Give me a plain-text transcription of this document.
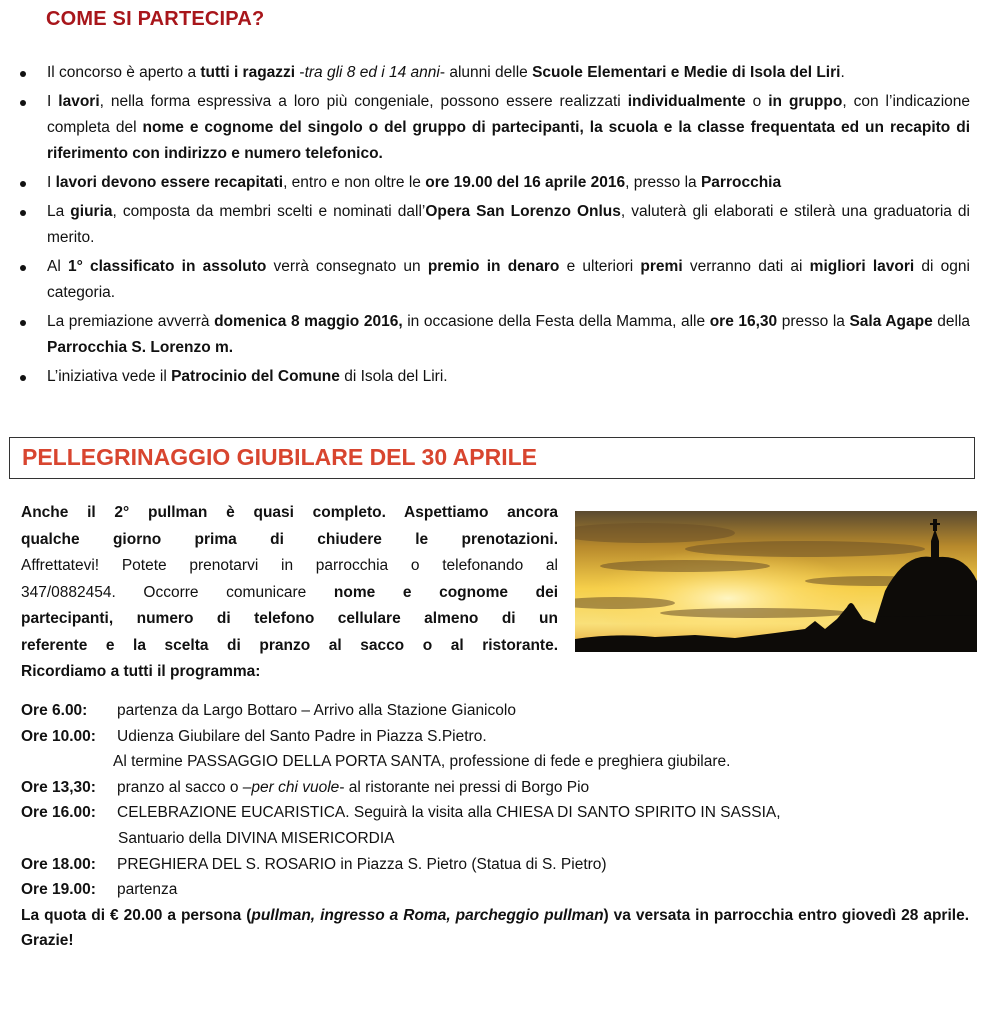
COME SI PARTECIPA?
Il concorso è aperto a tutti i ragazzi -tra gli 8 ed i 14 anni- alunni delle Scuole Elementari e Medie di Isola del Liri.
I lavori, nella forma espressiva a loro più congeniale, possono essere realizzati individualmente o in gruppo, con l’indicazione completa del nome e cognome del singolo o del gruppo di partecipanti, la scuola e la classe frequentata ed un recapito di riferimento con indirizzo e numero telefonico.
I lavori devono essere recapitati, entro e non oltre le ore 19.00 del 16 aprile 2016, presso la Parrocchia
La giuria, composta da membri scelti e nominati dall’Opera San Lorenzo Onlus, valuterà gli elaborati e stilerà una graduatoria di merito.
Al 1° classificato in assoluto verrà consegnato un premio in denaro e ulteriori premi verranno dati ai migliori lavori di ogni categoria.
La premiazione avverrà domenica 8 maggio 2016, in occasione della Festa della Mamma, alle ore 16,30 presso la Sala Agape della Parrocchia S. Lorenzo m.
L’iniziativa vede il Patrocinio del Comune di Isola del Liri.
PELLEGRINAGGIO GIUBILARE DEL 30 APRILE
Anche il 2° pullman è quasi completo. Aspettiamo ancora
qualche giorno prima di chiudere le prenotazioni.
Affrettatevi! Potete prenotarvi in parrocchia o telefonando al
347/0882454. Occorre comunicare nome e cognome dei
partecipanti, numero di telefono cellulare almeno di un
referente e la scelta di pranzo al sacco o al ristorante.
Ricordiamo a tutti il programma:
Ore 6.00:	partenza da Largo Bottaro – Arrivo alla Stazione Gianicolo
Ore 10.00:	Udienza Giubilare del Santo Padre in Piazza S.Pietro.
Al termine PASSAGGIO DELLA PORTA SANTA, professione di fede e preghiera giubilare.
Ore 13,30:	pranzo al sacco o –per chi vuole- al ristorante nei pressi di Borgo Pio
Ore 16.00:	CELEBRAZIONE EUCARISTICA. Seguirà la visita alla CHIESA DI SANTO SPIRITO IN SASSIA,
Santuario della DIVINA MISERICORDIA
Ore 18.00:	PREGHIERA DEL S. ROSARIO in Piazza S. Pietro (Statua di S. Pietro)
Ore 19.00:	partenza
La quota di € 20.00 a persona (pullman, ingresso a Roma, parcheggio pullman) va versata in parrocchia entro giovedì 28 aprile. Grazie!
